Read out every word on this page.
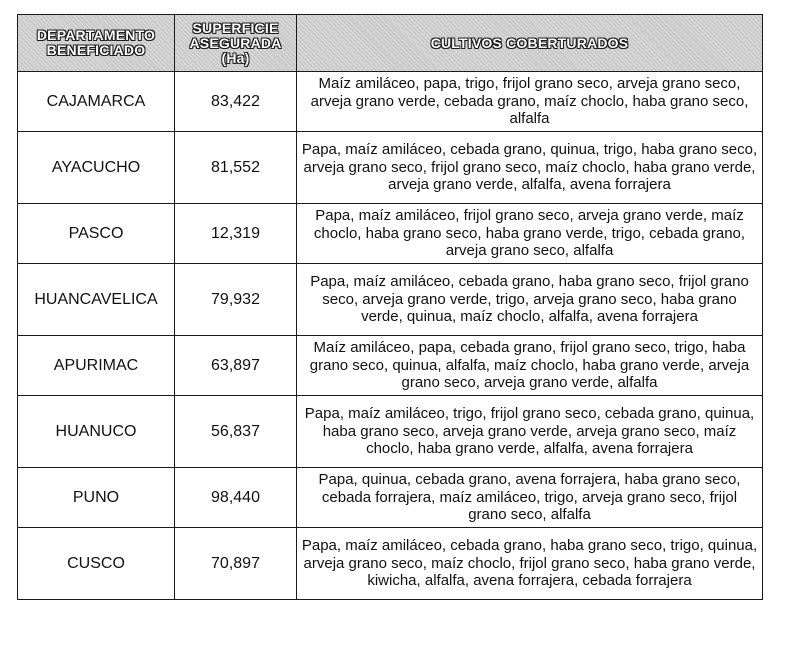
DEPARTAMENTO BENEFICIADO	SUPERFICIE ASEGURADA (Ha)	CULTIVOS COBERTURADOS
CAJAMARCA	83,422	Maíz amiláceo, papa, trigo, frijol grano seco, arveja grano seco, arveja grano verde, cebada grano, maíz choclo, haba grano seco, alfalfa
AYACUCHO	81,552	Papa, maíz amiláceo, cebada grano, quinua, trigo, haba grano seco, arveja grano seco, frijol grano seco, maíz choclo, haba grano verde, arveja grano verde, alfalfa, avena forrajera
PASCO	12,319	Papa, maíz amiláceo, frijol grano seco, arveja grano verde, maíz choclo, haba grano seco, haba grano verde, trigo, cebada grano, arveja grano seco, alfalfa
HUANCAVELICA	79,932	Papa, maíz amiláceo, cebada grano, haba grano seco, frijol grano seco, arveja grano verde, trigo, arveja grano seco, haba grano verde, quinua, maíz choclo, alfalfa, avena forrajera
APURIMAC	63,897	Maíz amiláceo, papa, cebada grano, frijol grano seco, trigo, haba grano seco, quinua, alfalfa, maíz choclo, haba grano verde, arveja grano seco, arveja grano verde, alfalfa
HUANUCO	56,837	Papa, maíz amiláceo, trigo, frijol grano seco, cebada grano, quinua, haba grano seco, arveja grano verde, arveja grano seco, maíz choclo, haba grano verde, alfalfa, avena forrajera
PUNO	98,440	Papa, quinua, cebada grano, avena forrajera, haba grano seco, cebada forrajera, maíz amiláceo, trigo, arveja grano seco, frijol grano seco, alfalfa
CUSCO	70,897	Papa, maíz amiláceo, cebada grano, haba grano seco, trigo, quinua, arveja grano seco, maíz choclo, frijol grano seco, haba grano verde, kiwicha, alfalfa, avena forrajera, cebada forrajera
